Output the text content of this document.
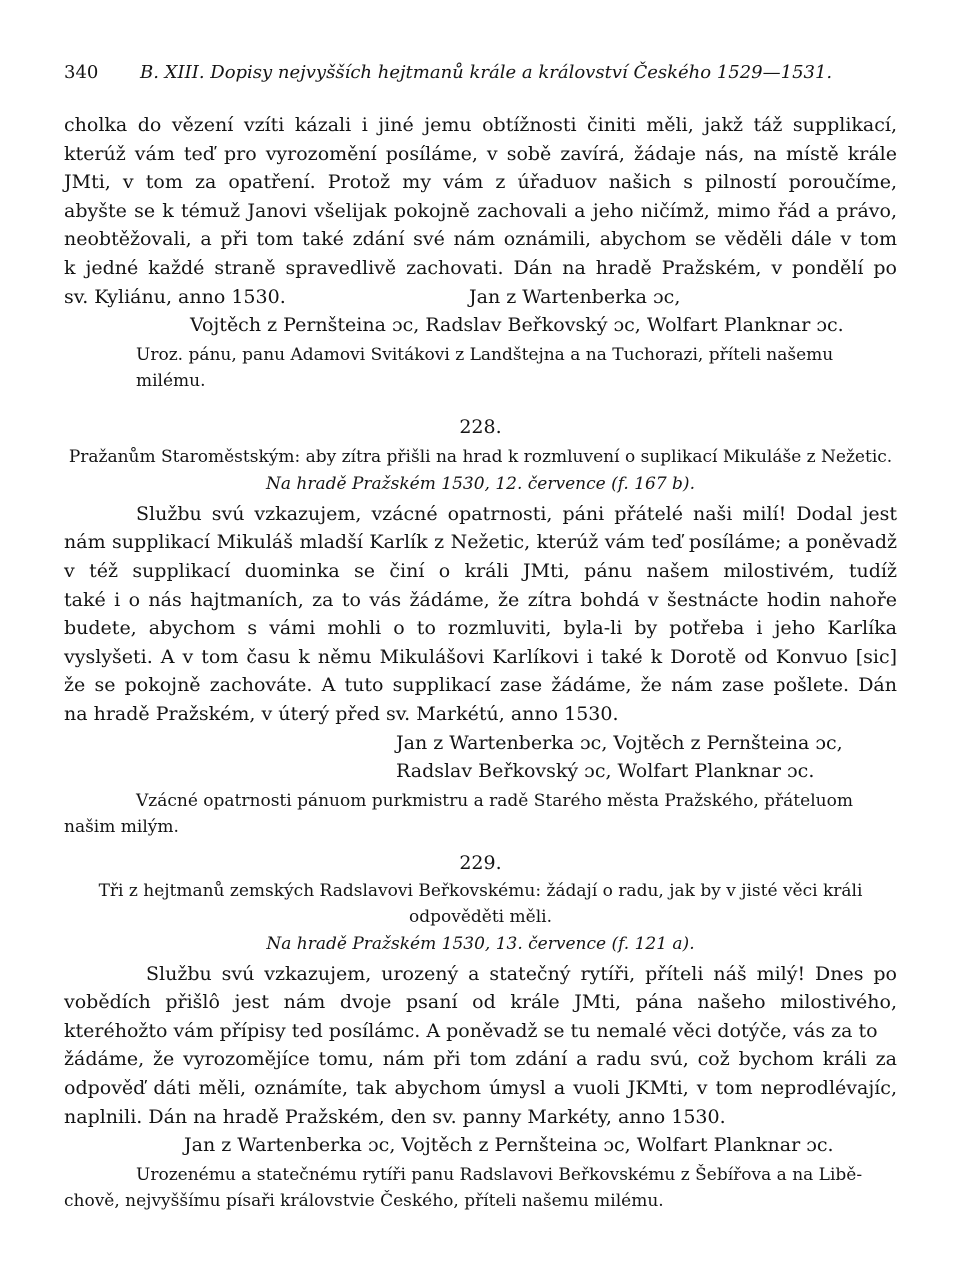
340	B. XIII. Dopisy nejvyšších hejtmanů krále a království Českého 1529—1531.
cholka do vězení vzíti kázali i jiné jemu obtížnosti činiti měli, jakž táž supplikací,
kterúž vám teď pro vyrozomění posíláme, v sobě zavírá, žádaje nás, na místě krále
JMti, v tom za opatření. Protož my vám z úřaduov našich s pilností poroučíme,
abyšte se k témuž Janovi všelijak pokojně zachovali a jeho ničímž, mimo řád a právo,
neobtěžovali, a při tom také zdání své nám oznámili, abychom se věděli dále v tom
k jedné každé straně spravedlivě zachovati. Dán na hradě Pražském, v pondělí po
sv. Kyliánu, anno 1530.	Jan z Wartenberka ɔc,
Vojtěch z Pernšteina ɔc, Radslav Beřkovský ɔc, Wolfart Planknar ɔc.
Uroz. pánu, panu Adamovi Svitákovi z Landštejna a na Tuchorazi, příteli našemu milému.
228.
Pražanům Staroměstským: aby zítra přišli na hrad k rozmluvení o suplikací Mikuláše z Nežetic.
Na hradě Pražském 1530, 12. července (f. 167 b).
Službu svú vzkazujem, vzácné opatrnosti, páni přátelé naši milí! Dodal jest
nám supplikací Mikuláš mladší Karlík z Nežetic, kterúž vám teď posíláme; a poněvadž
v též supplikací duominka se činí o králi JMti, pánu našem milostivém, tudíž
také i o nás hajtmaních, za to vás žádáme, že zítra bohdá v šestnácte hodin nahoře
budete, abychom s vámi mohli o to rozmluviti, byla-li by potřeba i jeho Karlíka
vyslyšeti. A v tom času k němu Mikulášovi Karlíkovi i také k Dorotě od Konvuo [sic]
že se pokojně zachováte. A tuto supplikací zase žádáme, že nám zase pošlete. Dán
na hradě Pražském, v úterý před sv. Markétú, anno 1530.
Jan z Wartenberka ɔc, Vojtěch z Pernšteina ɔc,
Radslav Beřkovský ɔc, Wolfart Planknar ɔc.
Vzácné opatrnosti pánuom purkmistru a radě Starého města Pražského, přáteluom našim milým.
229.
Tři z hejtmanů zemských Radslavovi Beřkovskému: žádají o radu, jak by v jisté věci králi odpověděti měli.
Na hradě Pražském 1530, 13. července (f. 121 a).
Službu svú vzkazujem, urozený a statečný rytíři, příteli náš milý! Dnes po
vobědích přišlô jest nám dvoje psaní od krále JMti, pána našeho milostivého, kteréhožto vám přípisy ted posílámc. A poněvadž se tu nemalé věci dotýče, vás za to
žádáme, že vyrozomějíce tomu, nám při tom zdání a radu svú, což bychom králi za
odpověď dáti měli, oznámíte, tak abychom úmysl a vuoli JKMti, v tom neprodlévajíc,
naplnili. Dán na hradě Pražském, den sv. panny Markéty, anno 1530.
Jan z Wartenberka ɔc, Vojtěch z Pernšteina ɔc, Wolfart Planknar ɔc.
Urozenému a statečnému rytíři panu Radslavovi Beřkovskému z Šebířova a na Libě-chově, nejvyššímu písaři královstvie Českého, příteli našemu milému.
